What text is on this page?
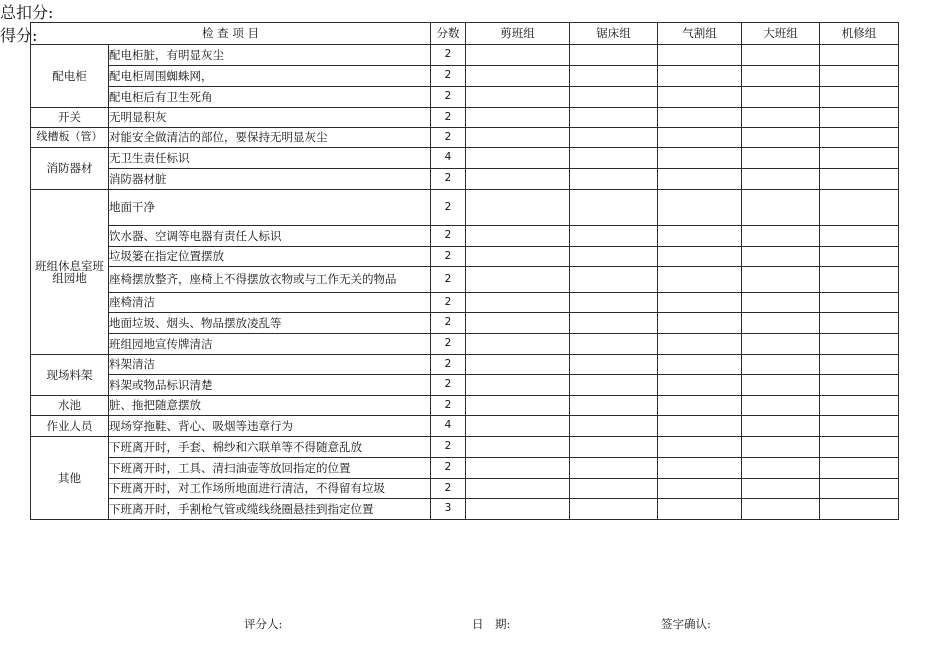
检 查 项 目		分数	剪班组	锯床组	气割组	大班组	机修组
配电柜	配电柜脏，有明显灰尘	2					
	配电柜周围蜘蛛网，	2					
	配电柜后有卫生死角	2					
开关	无明显积灰	2					
线槽板（管）	对能安全做清洁的部位，要保持无明显灰尘	2					
消防器材	无卫生责任标识	4					
	消防器材脏	2					
班组休息室班组园地	地面干净	2					
	饮水器、空调等电器有责任人标识	2					
	垃圾篓在指定位置摆放	2					
	座椅摆放整齐，座椅上不得摆放衣物或与工作无关的物品	2					
	座椅清洁	2					
	地面垃圾、烟头、物品摆放凌乱等	2					
	班组园地宣传牌清洁	2					
现场料架	料架清洁	2					
	料架或物品标识清楚	2					
水池	脏、拖把随意摆放	2					
作业人员	现场穿拖鞋、背心、吸烟等违章行为	4					
其他	下班离开时，手套、棉纱和六联单等不得随意乱放	2					
	下班离开时，工具、清扫油壶等放回指定的位置	2					
	下班离开时，对工作场所地面进行清洁，不得留有垃圾	2					
	下班离开时，手割枪气管或缆线绕圈悬挂到指定位置	3					
总扣分:
得分:
评分人:	日　期:	签字确认:
